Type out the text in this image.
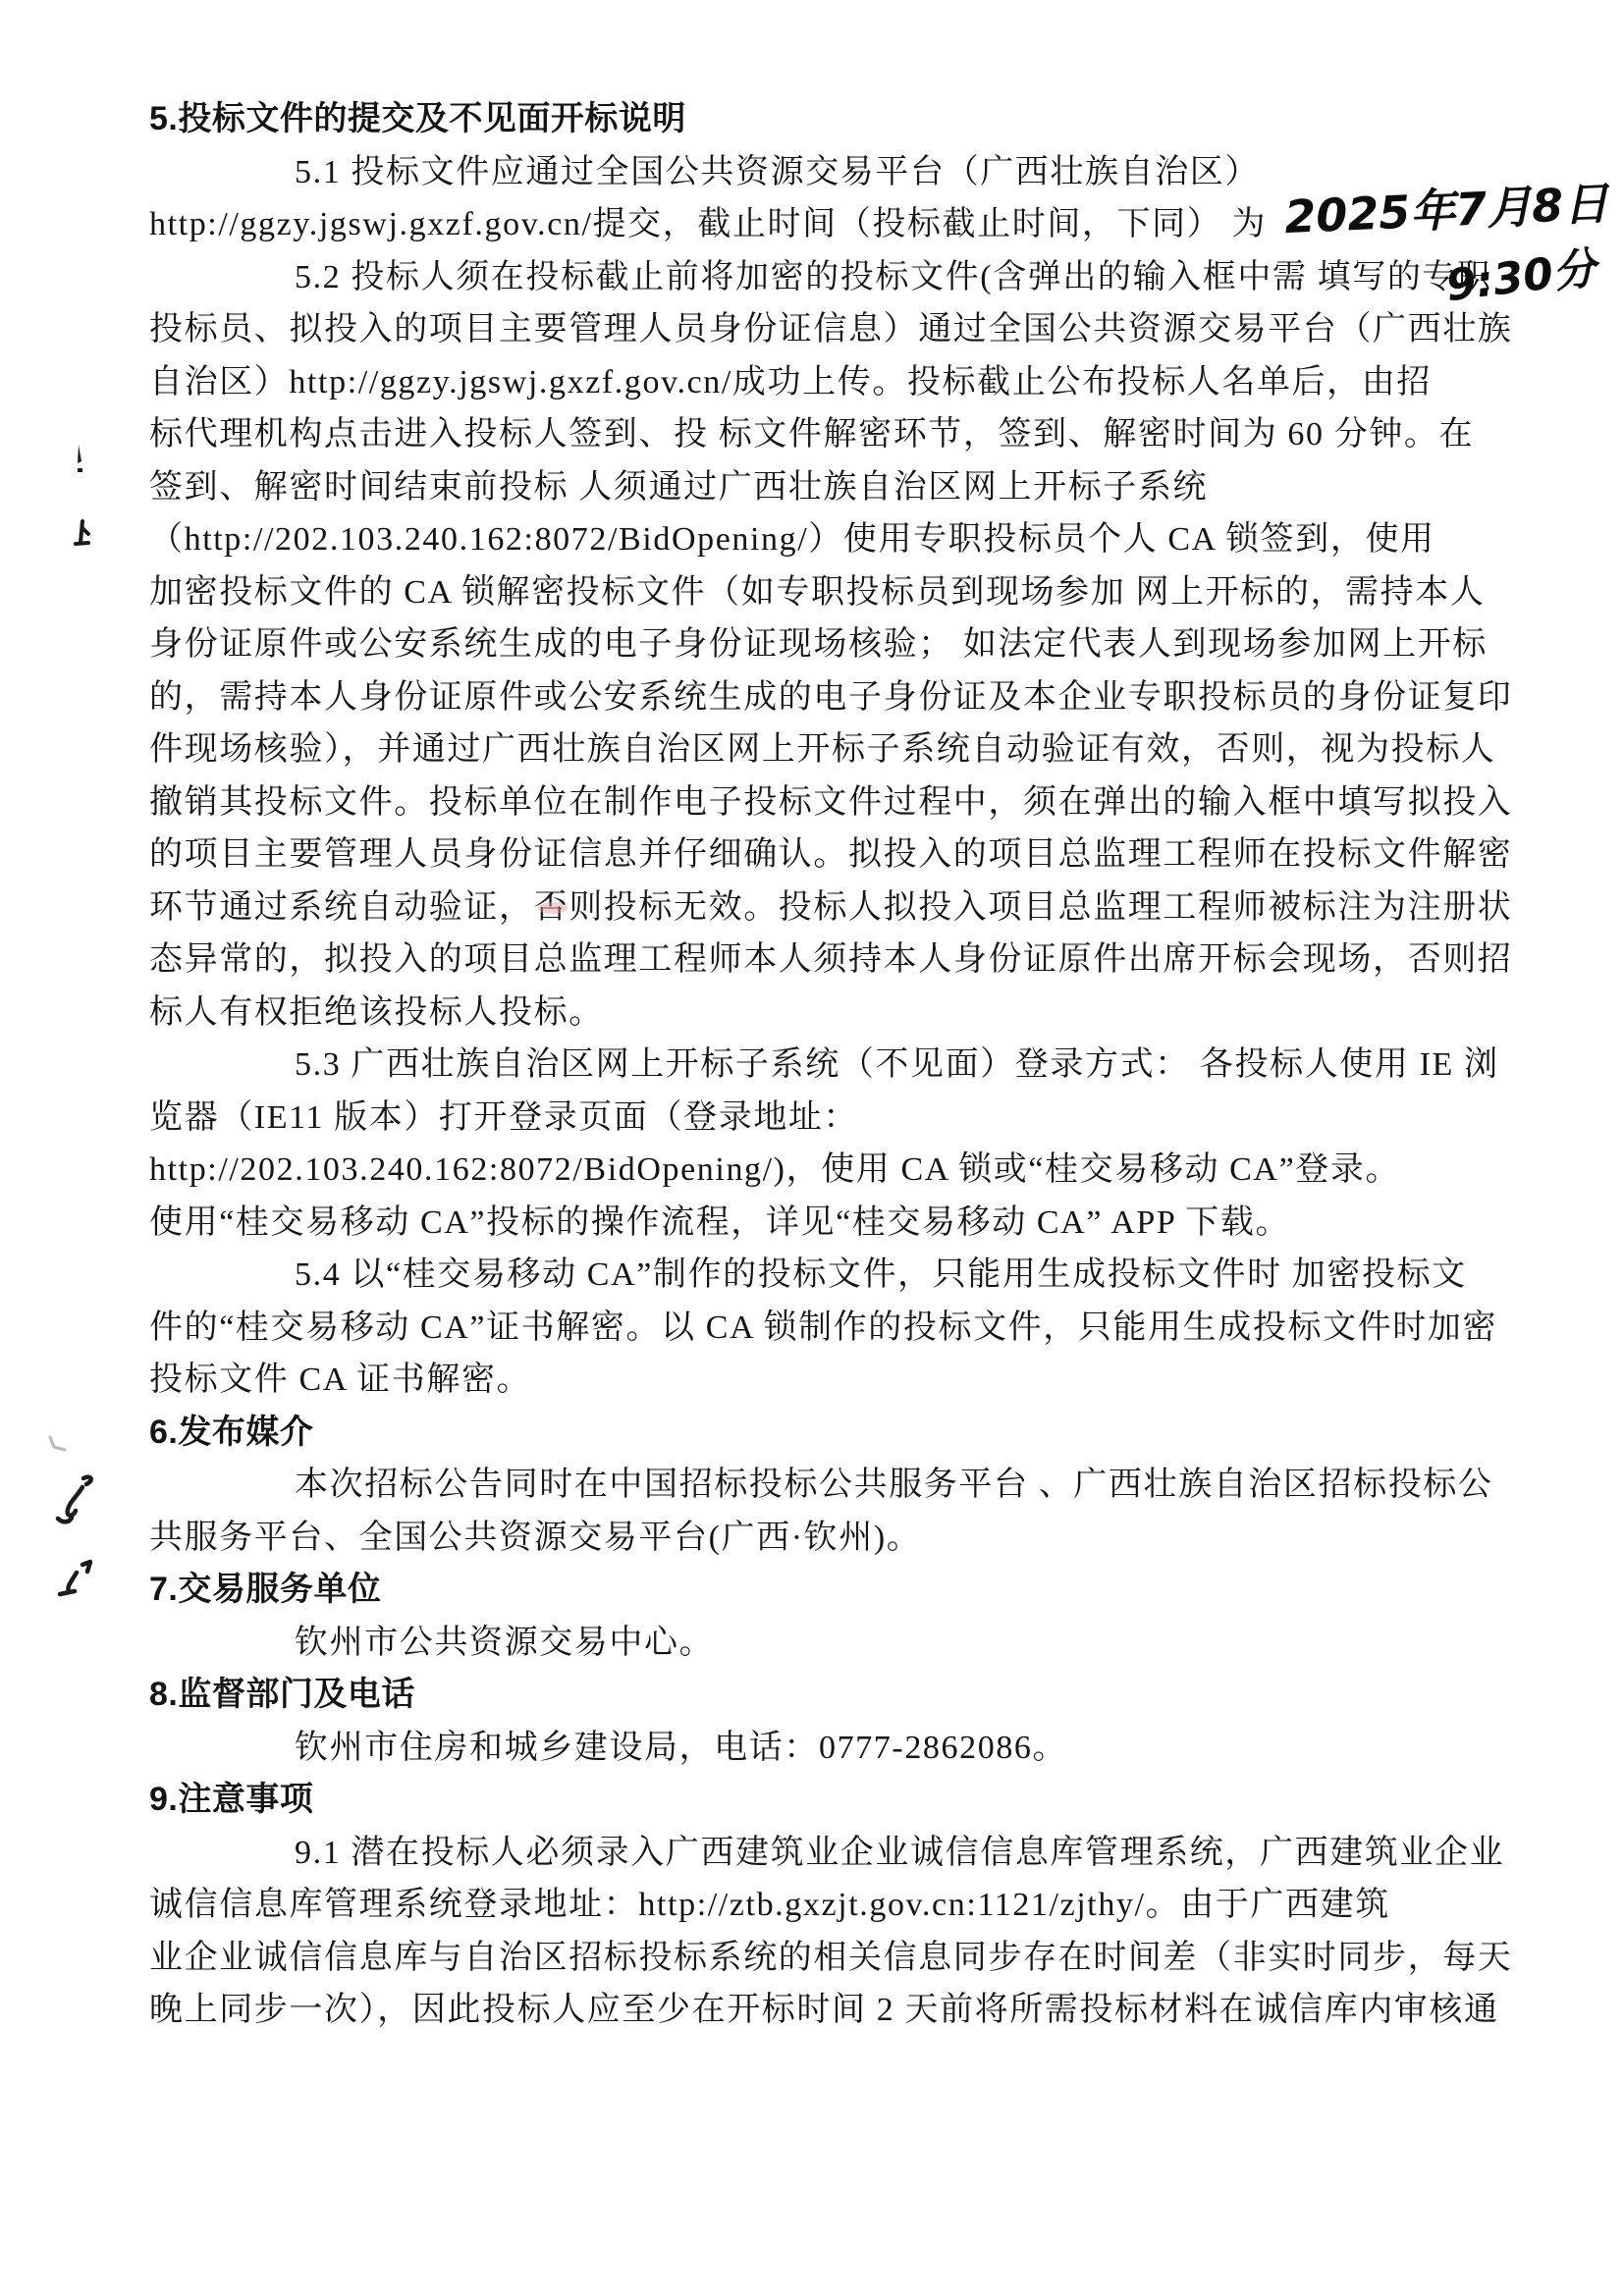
5.投标文件的提交及不见面开标说明
5.1 投标文件应通过全国公共资源交易平台（广西壮族自治区）
http://ggzy.jgswj.gxzf.gov.cn/提交，截止时间（投标截止时间，下同） 为
5.2 投标人须在投标截止前将加密的投标文件(含弹出的输入框中需 填写的专职
投标员、拟投入的项目主要管理人员身份证信息）通过全国公共资源交易平台（广西壮族
自治区）http://ggzy.jgswj.gxzf.gov.cn/成功上传。投标截止公布投标人名单后，由招
标代理机构点击进入投标人签到、投 标文件解密环节，签到、解密时间为 60 分钟。在
签到、解密时间结束前投标 人须通过广西壮族自治区网上开标子系统
（http://202.103.240.162:8072/BidOpening/）使用专职投标员个人 CA 锁签到，使用
加密投标文件的 CA 锁解密投标文件（如专职投标员到现场参加 网上开标的，需持本人
身份证原件或公安系统生成的电子身份证现场核验； 如法定代表人到现场参加网上开标
的，需持本人身份证原件或公安系统生成的电子身份证及本企业专职投标员的身份证复印
件现场核验），并通过广西壮族自治区网上开标子系统自动验证有效，否则，视为投标人
撤销其投标文件。投标单位在制作电子投标文件过程中，须在弹出的输入框中填写拟投入
的项目主要管理人员身份证信息并仔细确认。拟投入的项目总监理工程师在投标文件解密
环节通过系统自动验证，否则投标无效。投标人拟投入项目总监理工程师被标注为注册状
态异常的，拟投入的项目总监理工程师本人须持本人身份证原件出席开标会现场，否则招
标人有权拒绝该投标人投标。
5.3 广西壮族自治区网上开标子系统（不见面）登录方式： 各投标人使用 IE 浏
览器（IE11 版本）打开登录页面（登录地址：
http://202.103.240.162:8072/BidOpening/)，使用 CA 锁或“桂交易移动 CA”登录。
使用“桂交易移动 CA”投标的操作流程，详见“桂交易移动 CA” APP 下载。
5.4 以“桂交易移动 CA”制作的投标文件，只能用生成投标文件时 加密投标文
件的“桂交易移动 CA”证书解密。以 CA 锁制作的投标文件，只能用生成投标文件时加密
投标文件 CA 证书解密。
6.发布媒介
本次招标公告同时在中国招标投标公共服务平台 、广西壮族自治区招标投标公
共服务平台、全国公共资源交易平台(广西·钦州)。
7.交易服务单位
钦州市公共资源交易中心。
8.监督部门及电话
钦州市住房和城乡建设局，电话：0777-2862086。
9.注意事项
9.1 潜在投标人必须录入广西建筑业企业诚信信息库管理系统，广西建筑业企业
诚信信息库管理系统登录地址：http://ztb.gxzjt.gov.cn:1121/zjthy/。由于广西建筑
业企业诚信信息库与自治区招标投标系统的相关信息同步存在时间差（非实时同步，每天
晚上同步一次），因此投标人应至少在开标时间 2 天前将所需投标材料在诚信库内审核通
2025年7月8日
9:30分
